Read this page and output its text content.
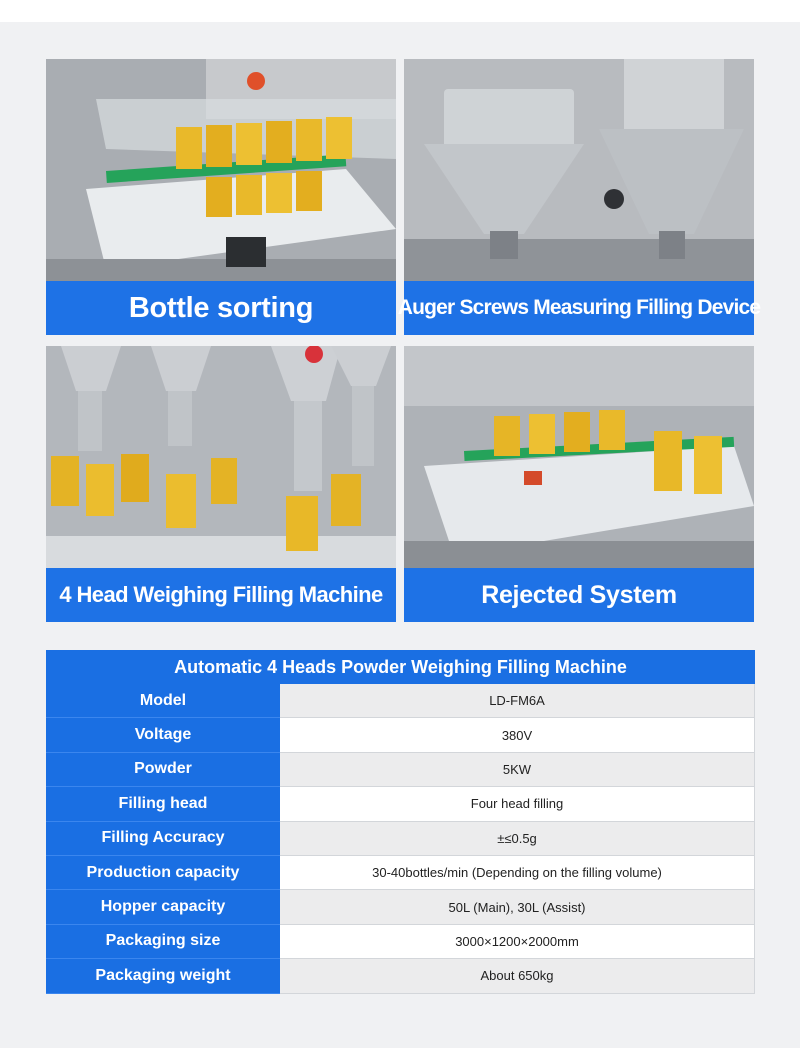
Bottle sorting	Auger Screws Measuring Filling Device
4 Head Weighing Filling Machine	Rejected System
Automatic 4 Heads Powder Weighing Filling Machine
Model	LD-FM6A
Voltage	380V
Powder	5KW
Filling head	Four head filling
Filling Accuracy	±≤0.5g
Production capacity	30-40bottles/min (Depending on the filling volume)
Hopper capacity	50L (Main), 30L (Assist)
Packaging size	3000×1200×2000mm
Packaging weight	About 650kg
